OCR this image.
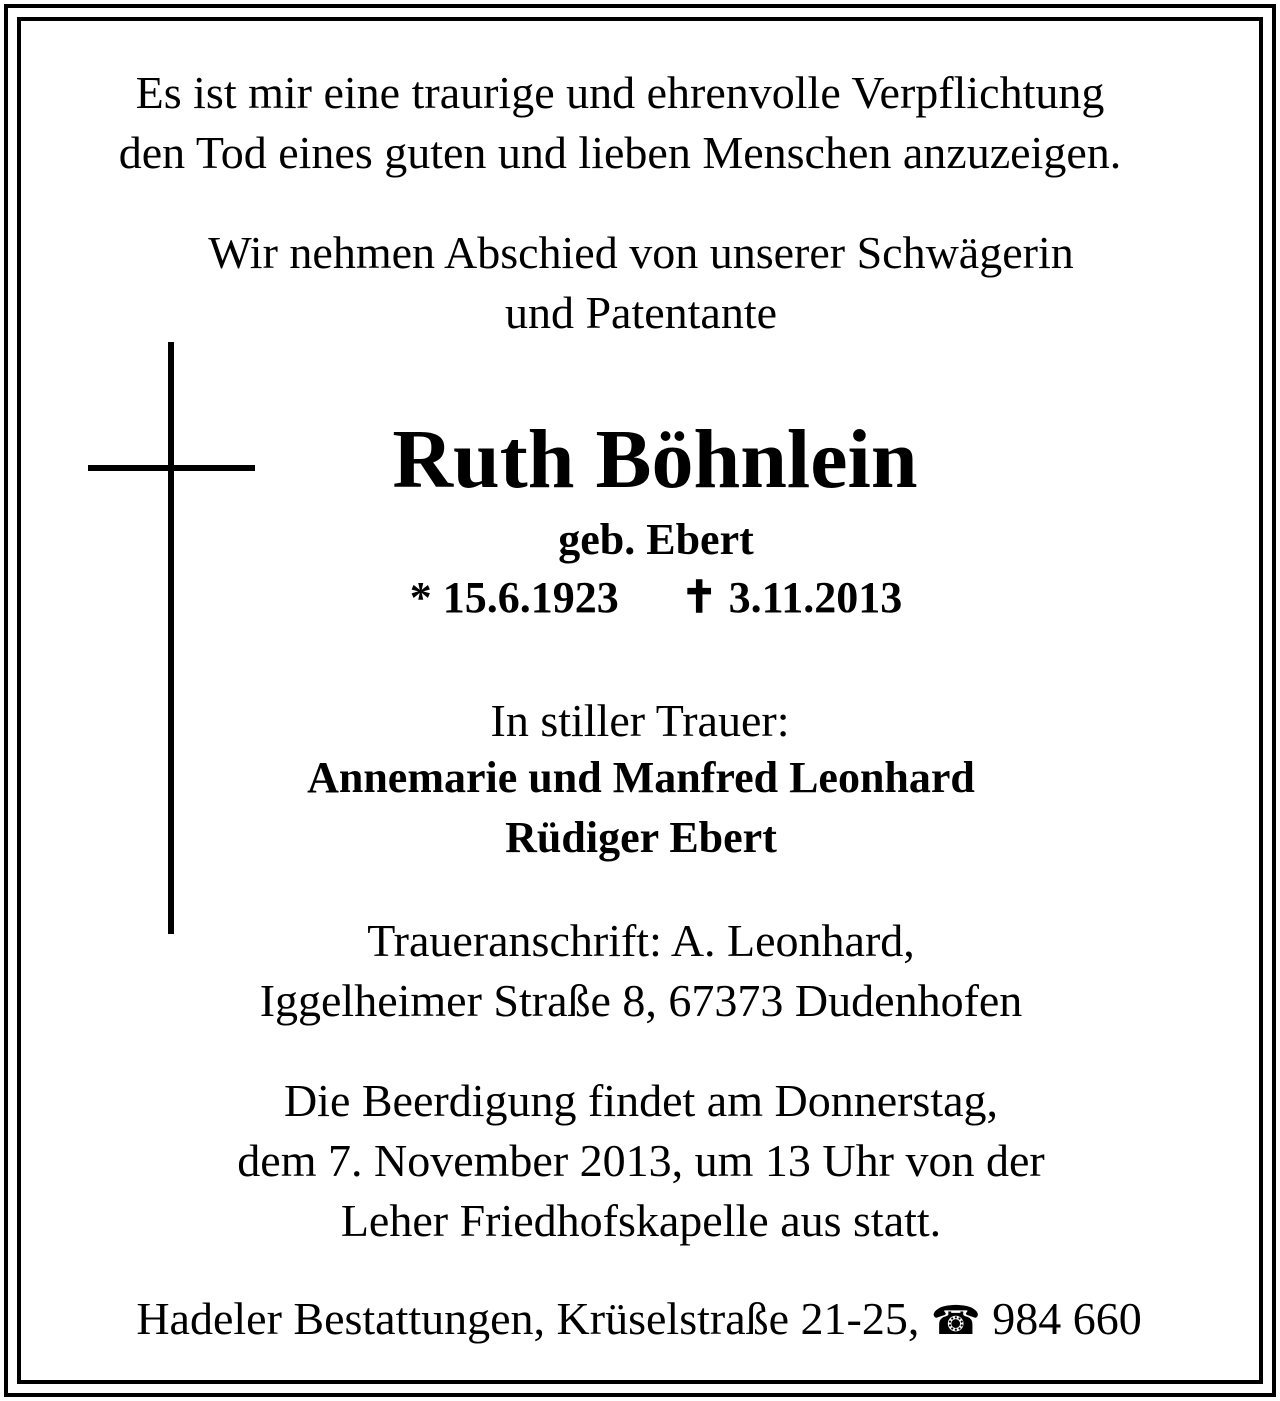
Es ist mir eine traurige und ehrenvolle Verpflichtung
den Tod eines guten und lieben Menschen anzuzeigen.
Wir nehmen Abschied von unserer Schwägerin
und Patentante
Ruth Böhnlein
geb. Ebert
* 15.6.1923 ✝ 3.11.2013
In stiller Trauer:
Annemarie und Manfred Leonhard
Rüdiger Ebert
Traueranschrift: A. Leonhard,
Iggelheimer Straße 8, 67373 Dudenhofen
Die Beerdigung findet am Donnerstag,
dem 7. November 2013, um 13 Uhr von der
Leher Friedhofskapelle aus statt.
Hadeler Bestattungen, Krüselstraße 21-25, ☎ 984 660
